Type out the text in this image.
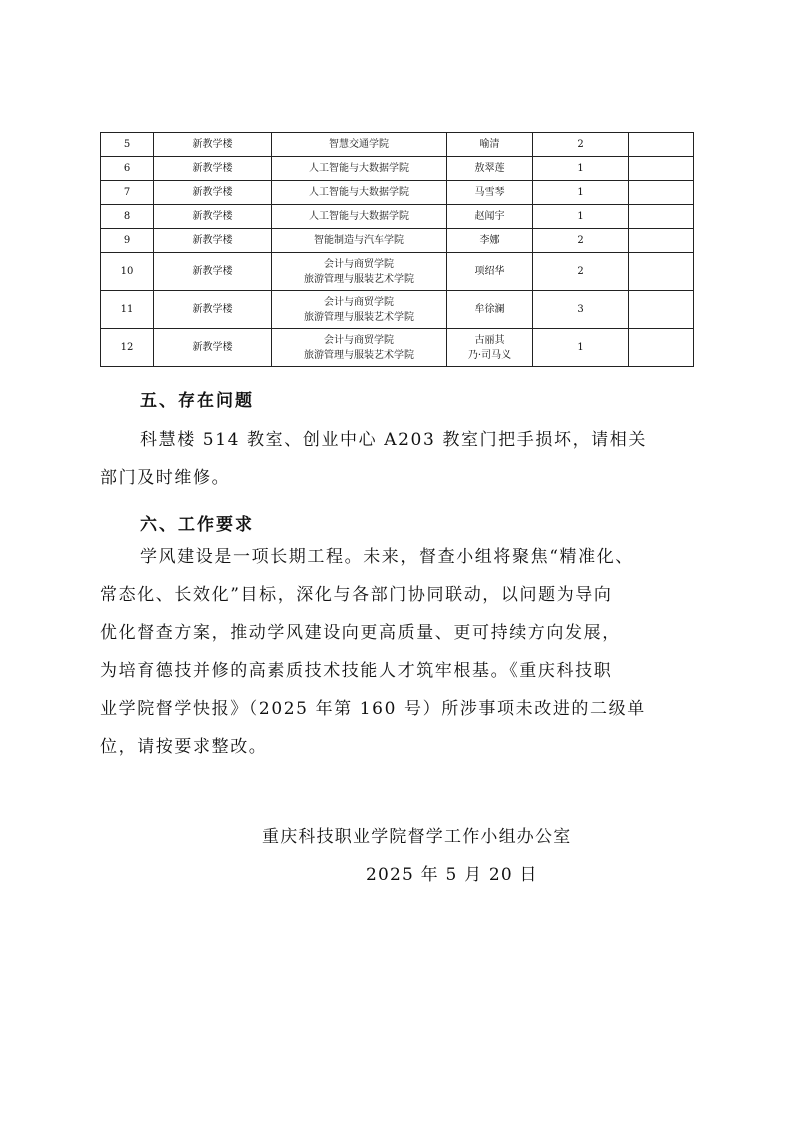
5	新教学楼	智慧交通学院	喻清	2	

6	新教学楼	人工智能与大数据学院	敖翠莲	1	

7	新教学楼	人工智能与大数据学院	马雪琴	1	

8	新教学楼	人工智能与大数据学院	赵闻宇	1	

9	新教学楼	智能制造与汽车学院	李娜	2	

10	新教学楼	会计与商贸学院
旅游管理与服装艺术学院	项绍华	2	

11	新教学楼	会计与商贸学院
旅游管理与服装艺术学院	牟徐澜	3	

12	新教学楼	会计与商贸学院
旅游管理与服装艺术学院	古丽其
乃·司马义	1	

五、存在问题
科慧楼 514 教室、创业中心 A203 教室门把手损坏，请相关
部门及时维修。
六、工作要求
学风建设是一项长期工程。未来，督查小组将聚焦“精准化、
常态化、长效化”目标，深化与各部门协同联动，以问题为导向
优化督查方案，推动学风建设向更高质量、更可持续方向发展，
为培育德技并修的高素质技术技能人才筑牢根基。《重庆科技职
业学院督学快报》（2025 年第 160 号）所涉事项未改进的二级单
位，请按要求整改。
重庆科技职业学院督学工作小组办公室
2025 年 5 月 20 日
